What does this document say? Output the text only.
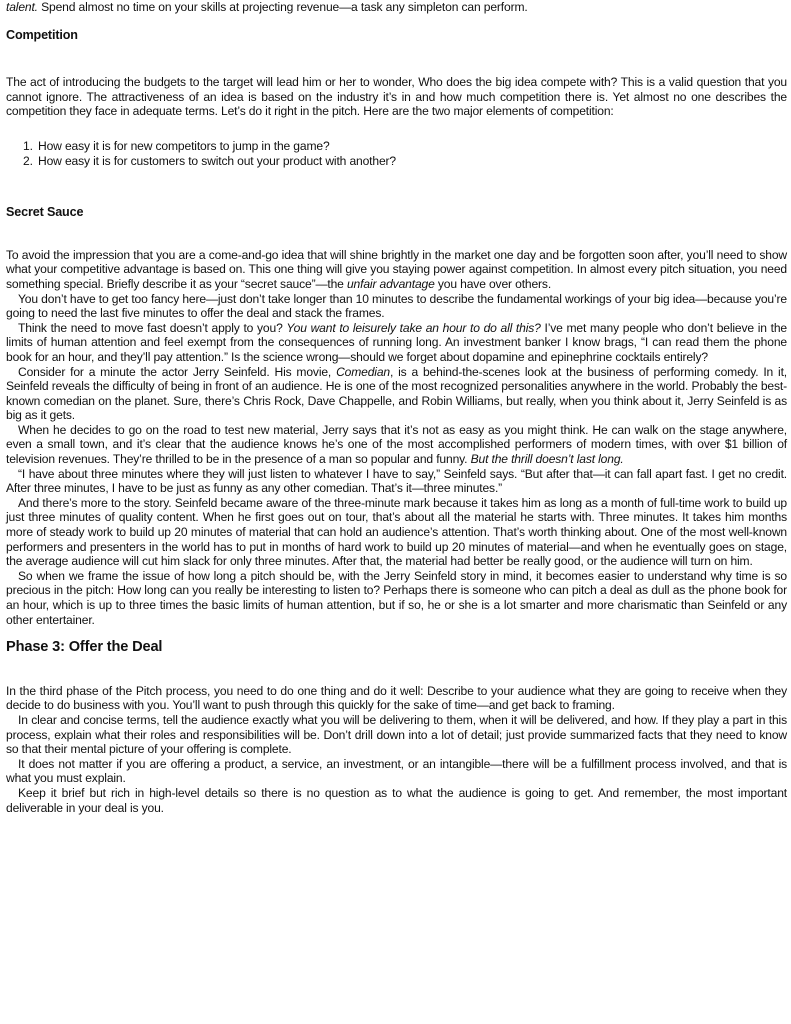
talent. Spend almost no time on your skills at projecting revenue—a task any simpleton can perform.

Competition

The act of introducing the budgets to the target will lead him or her to wonder, Who does the big idea compete with? This is a valid question that you cannot ignore. The attractiveness of an idea is based on the industry it’s in and how much competition there is. Yet almost no one describes the competition they face in adequate terms. Let’s do it right in the pitch. Here are the two major elements of competition:

1. How easy it is for new competitors to jump in the game?
2. How easy it is for customers to switch out your product with another?
Secret Sauce

To avoid the impression that you are a come-and-go idea that will shine brightly in the market one day and be forgotten soon after, you’ll need to show what your competitive advantage is based on. This one thing will give you staying power against competition. In almost every pitch situation, you need something special. Briefly describe it as your “secret sauce”—the unfair advantage you have over others.

You don’t have to get too fancy here—just don’t take longer than 10 minutes to describe the fundamental workings of your big idea—because you’re going to need the last five minutes to offer the deal and stack the frames.

Think the need to move fast doesn’t apply to you? You want to leisurely take an hour to do all this? I’ve met many people who don’t believe in the limits of human attention and feel exempt from the consequences of running long. An investment banker I know brags, “I can read them the phone book for an hour, and they’ll pay attention.” Is the science wrong—should we forget about dopamine and epinephrine cocktails entirely?

Consider for a minute the actor Jerry Seinfeld. His movie, Comedian, is a behind-the-scenes look at the business of performing comedy. In it, Seinfeld reveals the difficulty of being in front of an audience. He is one of the most recognized personalities anywhere in the world. Probably the best-known comedian on the planet. Sure, there’s Chris Rock, Dave Chappelle, and Robin Williams, but really, when you think about it, Jerry Seinfeld is as big as it gets.

When he decides to go on the road to test new material, Jerry says that it’s not as easy as you might think. He can walk on the stage anywhere, even a small town, and it’s clear that the audience knows he’s one of the most accomplished performers of modern times, with over $1 billion of television revenues. They’re thrilled to be in the presence of a man so popular and funny. But the thrill doesn’t last long.

“I have about three minutes where they will just listen to whatever I have to say,” Seinfeld says. “But after that—it can fall apart fast. I get no credit. After three minutes, I have to be just as funny as any other comedian. That’s it—three minutes.”

And there’s more to the story. Seinfeld became aware of the three-minute mark because it takes him as long as a month of full-time work to build up just three minutes of quality content. When he first goes out on tour, that’s about all the material he starts with. Three minutes. It takes him months more of steady work to build up 20 minutes of material that can hold an audience’s attention. That’s worth thinking about. One of the most well-known performers and presenters in the world has to put in months of hard work to build up 20 minutes of material—and when he eventually goes on stage, the average audience will cut him slack for only three minutes. After that, the material had better be really good, or the audience will turn on him.

So when we frame the issue of how long a pitch should be, with the Jerry Seinfeld story in mind, it becomes easier to understand why time is so precious in the pitch: How long can you really be interesting to listen to? Perhaps there is someone who can pitch a deal as dull as the phone book for an hour, which is up to three times the basic limits of human attention, but if so, he or she is a lot smarter and more charismatic than Seinfeld or any other entertainer.

Phase 3: Offer the Deal

In the third phase of the Pitch process, you need to do one thing and do it well: Describe to your audience what they are going to receive when they decide to do business with you. You’ll want to push through this quickly for the sake of time—and get back to framing.

In clear and concise terms, tell the audience exactly what you will be delivering to them, when it will be delivered, and how. If they play a part in this process, explain what their roles and responsibilities will be. Don’t drill down into a lot of detail; just provide summarized facts that they need to know so that their mental picture of your offering is complete.

It does not matter if you are offering a product, a service, an investment, or an intangible—there will be a fulfillment process involved, and that is what you must explain.

Keep it brief but rich in high-level details so there is no question as to what the audience is going to get. And remember, the most important deliverable in your deal is you.
